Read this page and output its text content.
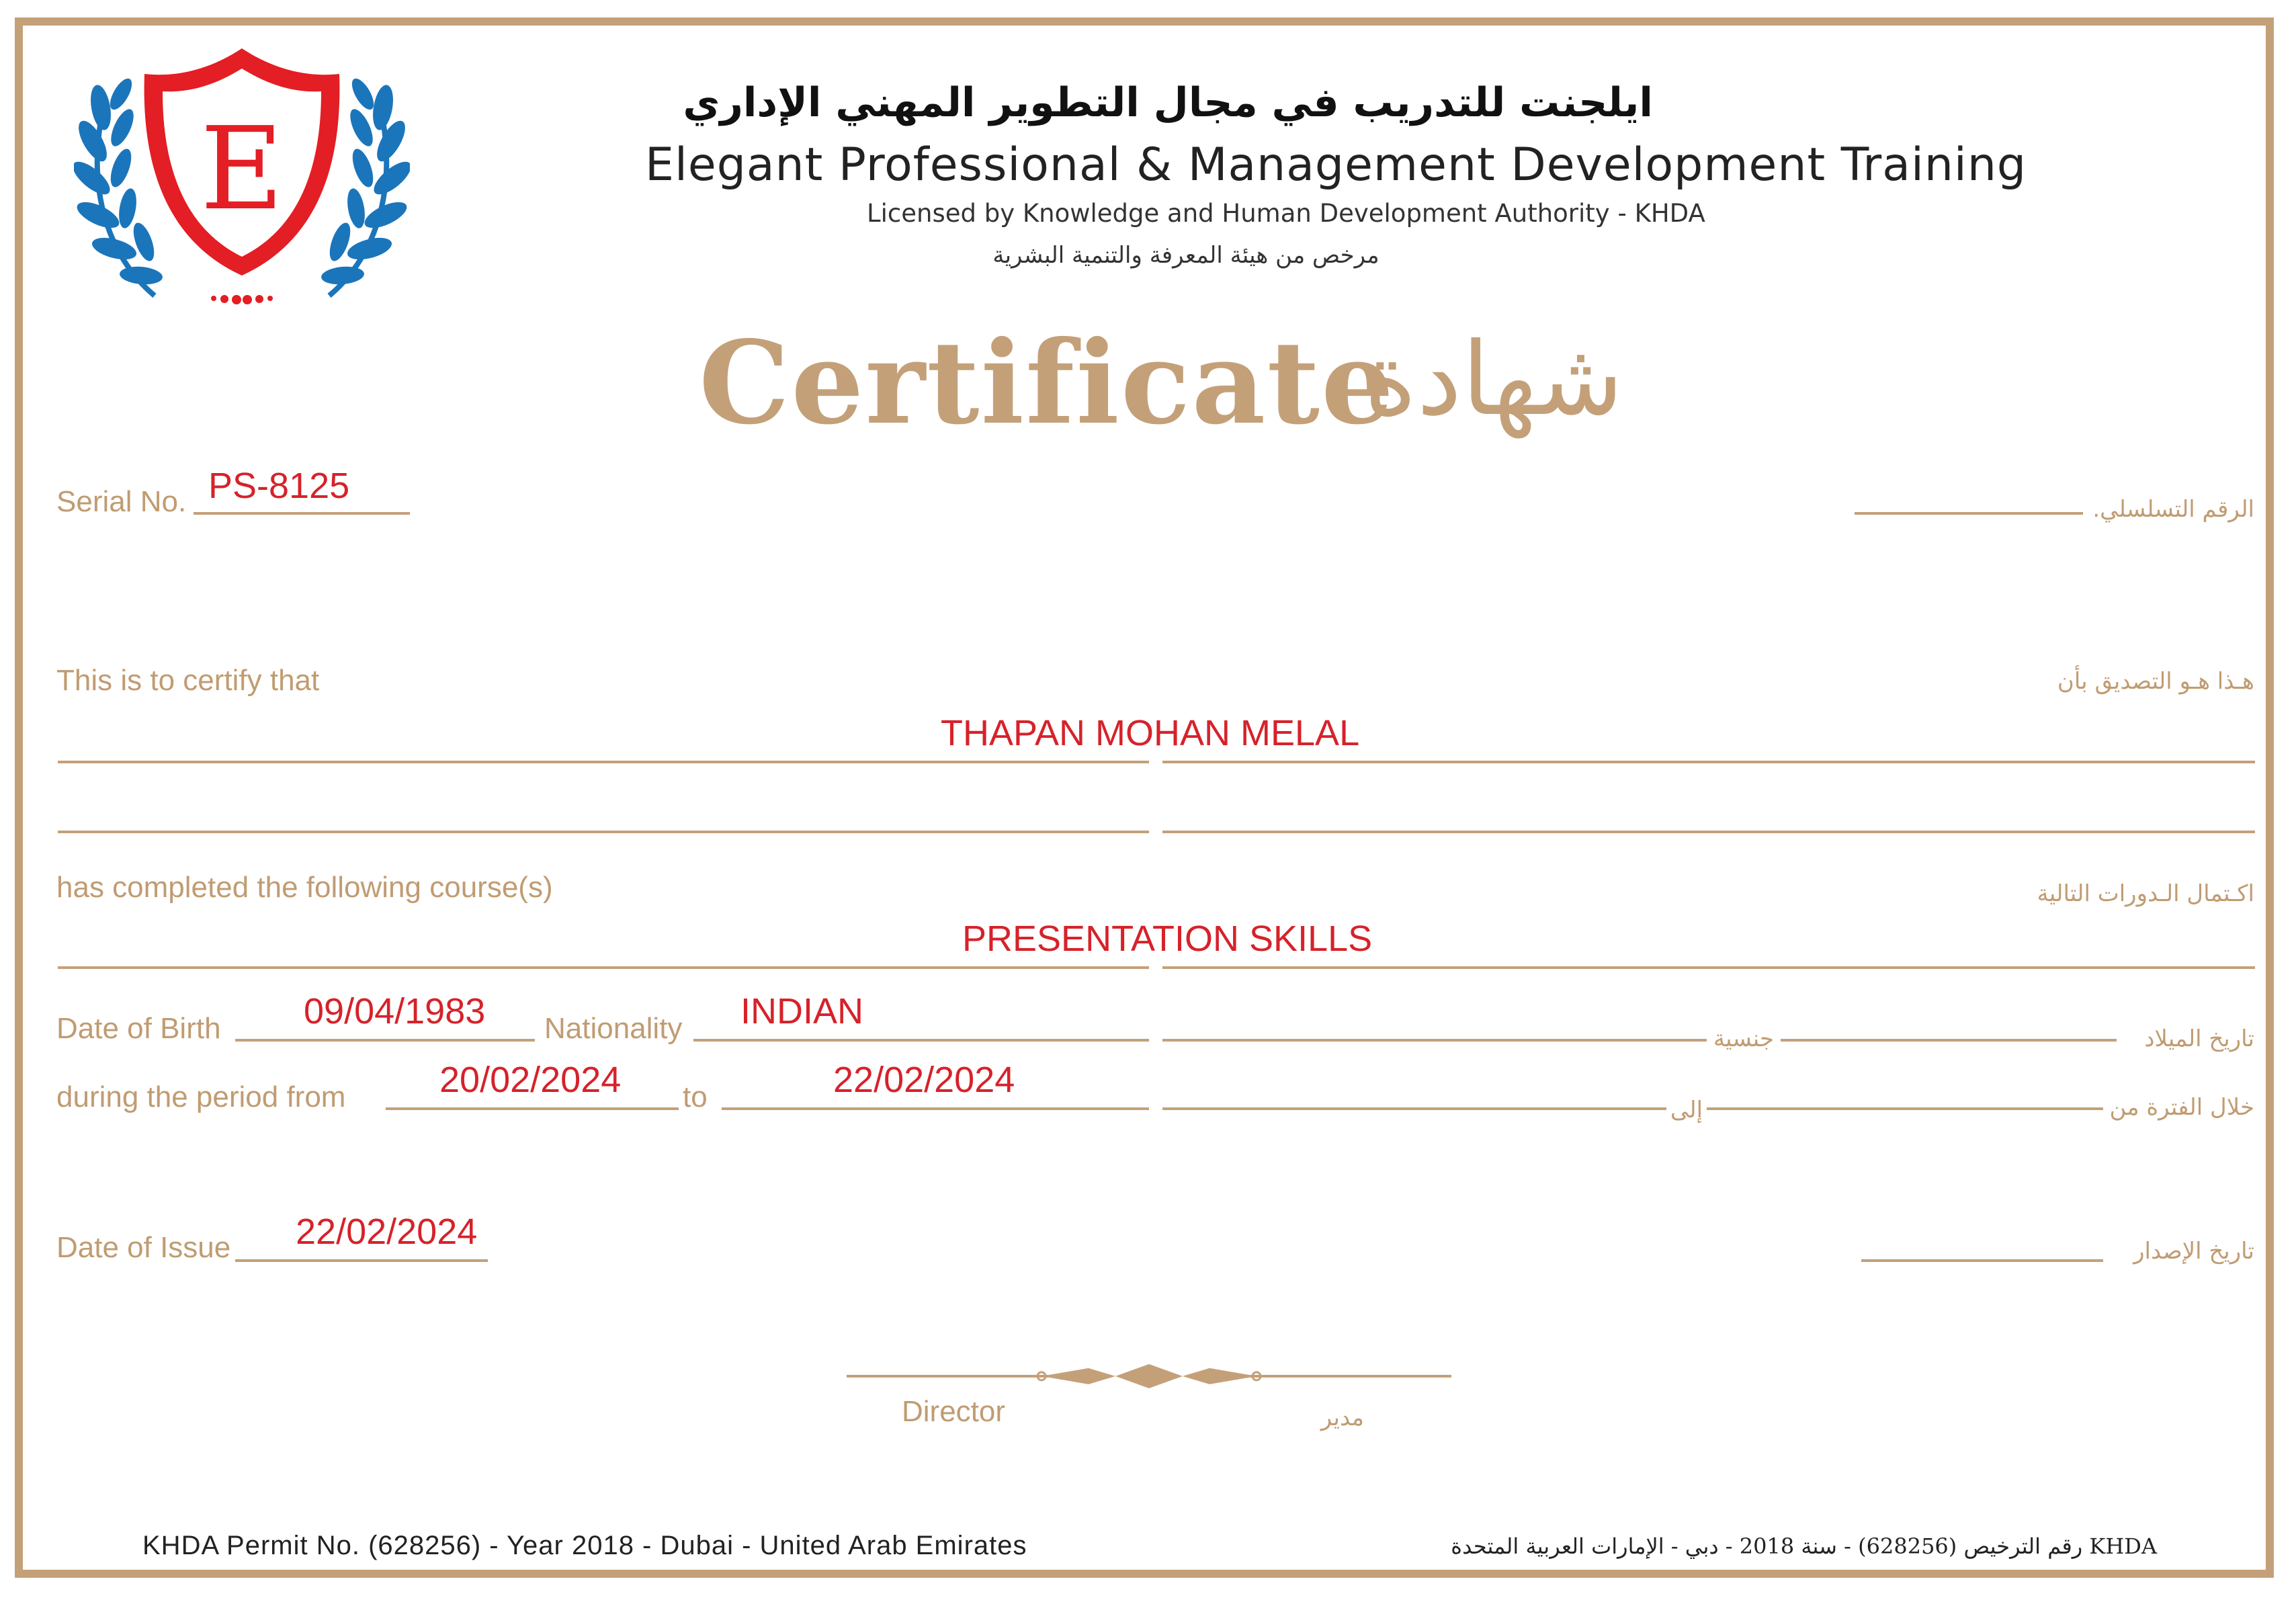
E	ايلجنت للتدريب في مجال التطوير المهني الإداري
Elegant Professional & Management Development Training
Licensed by Knowledge and Human Development Authority - KHDA
مرخص من هيئة المعرفة والتنمية البشرية
Certificate
شهادة
Serial No. PS-8125
الرقم التسلسلي.
This is to certify that	هـذا هـو التصديق بأن
THAPAN MOHAN MELAL
has completed the following course(s)	اكـتمال الـدورات التالية
PRESENTATION SKILLS
Date of Birth 09/04/1983 Nationality INDIAN
جنسية	تاريخ الميلاد
during the period from	20/02/2024 to	22/02/2024
إلى	خلال الفترة من
Date of Issue 22/02/2024	تاريخ الإصدار
Director	مدير
KHDA Permit No. (628256) - Year 2018 - Dubai - United Arab Emirates	KHDA رقم الترخيص (628256) - سنة 2018 - دبي - الإمارات العربية المتحدة
